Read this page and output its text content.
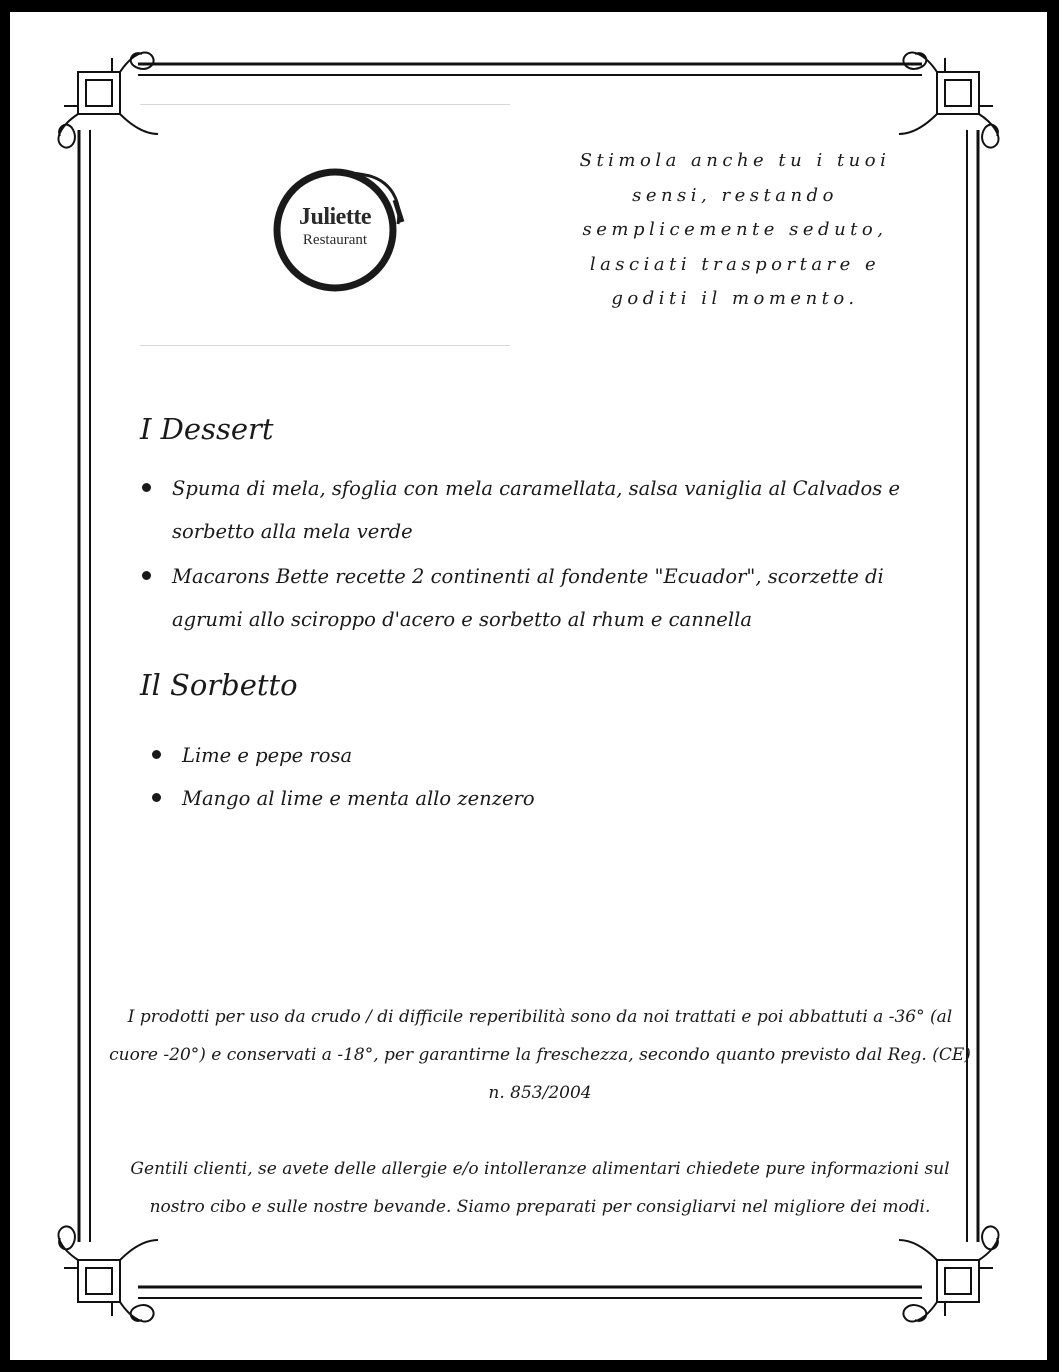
Juliette
Restaurant
Stimola anche tu i tuoi sensi, restando semplicemente seduto, lasciati trasportare e goditi il momento.
I Dessert
Spuma di mela, sfoglia con mela caramellata, salsa vaniglia al Calvados e sorbetto alla mela verde
Macarons Bette recette 2 continenti al fondente "Ecuador", scorzette di agrumi allo sciroppo d'acero e sorbetto al rhum e cannella
Il Sorbetto
Lime e pepe rosa
Mango al lime e menta allo zenzero
I prodotti per uso da crudo / di difficile reperibilità sono da noi trattati e poi abbattuti a -36° (al cuore -20°) e conservati a -18°, per garantirne la freschezza, secondo quanto previsto dal Reg. (CE) n. 853/2004
Gentili clienti, se avete delle allergie e/o intolleranze alimentari chiedete pure informazioni sul nostro cibo e sulle nostre bevande. Siamo preparati per consigliarvi nel migliore dei modi.
